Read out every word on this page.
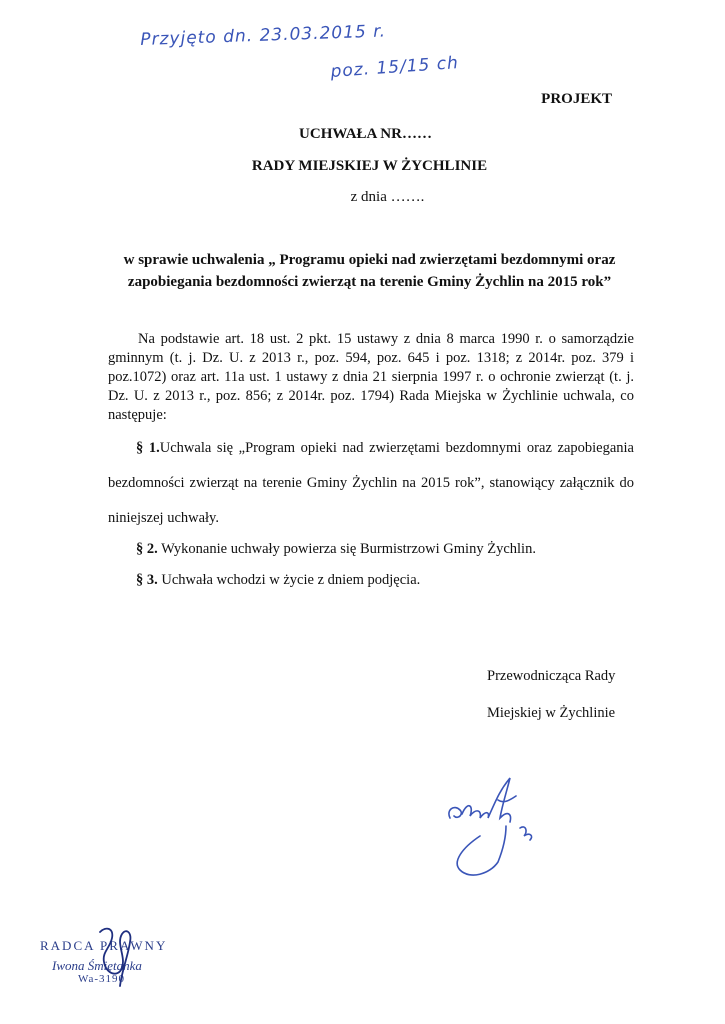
Przyjęto dn. 23.03.2015 r.
poz. 15/15 ch
PROJEKT
UCHWAŁA NR……
RADY MIEJSKIEJ W ŻYCHLINIE
z dnia …….
w sprawie uchwalenia „ Programu opieki nad zwierzętami bezdomnymi oraz
zapobiegania bezdomności zwierząt na terenie Gminy Żychlin na 2015 rok”
Na podstawie art. 18 ust. 2 pkt. 15 ustawy z dnia 8 marca 1990 r. o samorządzie gminnym (t. j. Dz. U. z 2013 r., poz. 594, poz. 645 i poz. 1318; z 2014r. poz. 379 i poz.1072) oraz art. 11a ust. 1 ustawy z dnia 21 sierpnia 1997 r. o ochronie zwierząt (t. j. Dz. U. z 2013 r., poz. 856; z 2014r. poz. 1794) Rada Miejska w Żychlinie uchwala, co następuje:
§ 1.Uchwala się „Program opieki nad zwierzętami bezdomnymi oraz zapobiegania bezdomności zwierząt na terenie Gminy Żychlin na 2015 rok”, stanowiący załącznik do niniejszej uchwały.
§ 2. Wykonanie uchwały powierza się Burmistrzowi Gminy Żychlin.
§ 3. Uchwała wchodzi w życie z dniem podjęcia.
Przewodnicząca Rady
Miejskiej w Żychlinie
RADCA PRAWNY
Iwona Śmiętanka
Wa-3190
